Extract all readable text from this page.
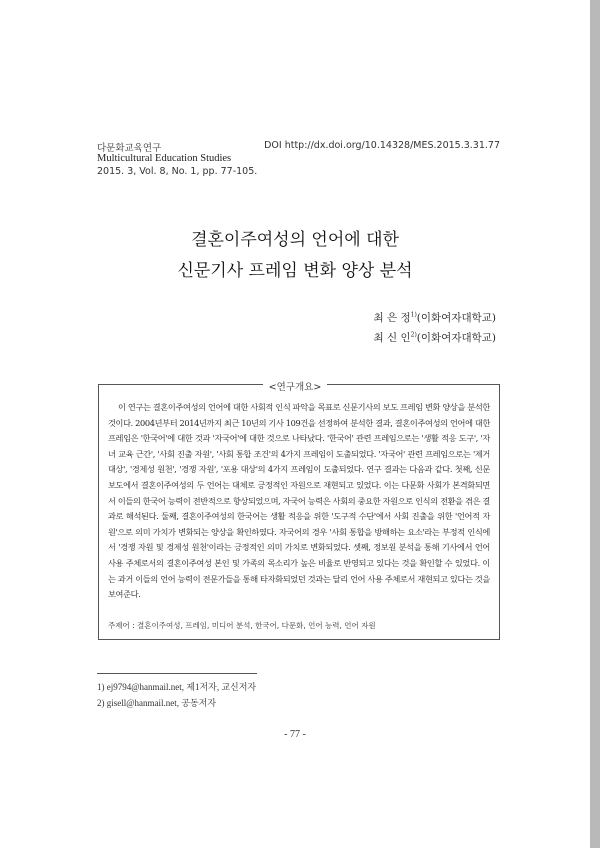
다문화교육연구
Multicultural Education Studies
2015. 3, Vol. 8, No. 1, pp. 77-105.
DOI http://dx.doi.org/10.14328/MES.2015.3.31.77
결혼이주여성의 언어에 대한
신문기사 프레임 변화 양상 분석
최 은 정$^{1)}$(이화여자대학교)
최 신 인$^{2)}$(이화여자대학교)
<연구개요>

이 연구는 결혼이주여성의 언어에 대한 사회적 인식 파악을 목표로 신문기사의 보도 프레임 변화 양상을 분석한 것이다. 2004년부터 2014년까지 최근 10년의 기사 109건을 선정하여 분석한 결과, 결혼이주여성의 언어에 대한 프레임은 '한국어'에 대한 것과 '자국어'에 대한 것으로 나타났다. '한국어' 관련 프레임으로는 '생활 적응 도구', '자녀 교육 근간', '사회 진출 자원', '사회 통합 조건'의 4가지 프레임이 도출되었다. '자국어' 관련 프레임으로는 '제거 대상', '경제성 원천', '경쟁 자원', '포용 대상'의 4가지 프레임이 도출되었다. 연구 결과는 다음과 같다. 첫째, 신문 보도에서 결혼이주여성의 두 언어는 대체로 긍정적인 자원으로 재현되고 있었다. 이는 다문화 사회가 본격화되면서 이들의 한국어 능력이 전반적으로 향상되었으며, 자국어 능력은 사회의 중요한 자원으로 인식의 전환을 겪은 결과로 해석된다. 둘째, 결혼이주여성의 한국어는 생활 적응을 위한 '도구적 수단'에서 사회 진출을 위한 '언어적 자원'으로 의미 가치가 변화되는 양상을 확인하였다. 자국어의 경우 '사회 통합을 방해하는 요소'라는 부정적 인식에서 '경쟁 자원 및 경제성 원천'이라는 긍정적인 의미 가치로 변화되었다. 셋째, 정보원 분석을 통해 기사에서 언어 사용 주체로서의 결혼이주여성 본인 및 가족의 목소리가 높은 비율로 반영되고 있다는 것을 확인할 수 있었다. 이는 과거 이들의 언어 능력이 전문가들을 통해 타자화되었던 것과는 달리 언어 사용 주체로서 재현되고 있다는 것을 보여준다.

주제어 : 결혼이주여성, 프레임, 미디어 분석, 한국어, 다문화, 언어 능력, 언어 자원
1) ej9794@hanmail.net, 제1저자, 교신저자
2) gisell@hanmail.net, 공동저자
- 77 -
